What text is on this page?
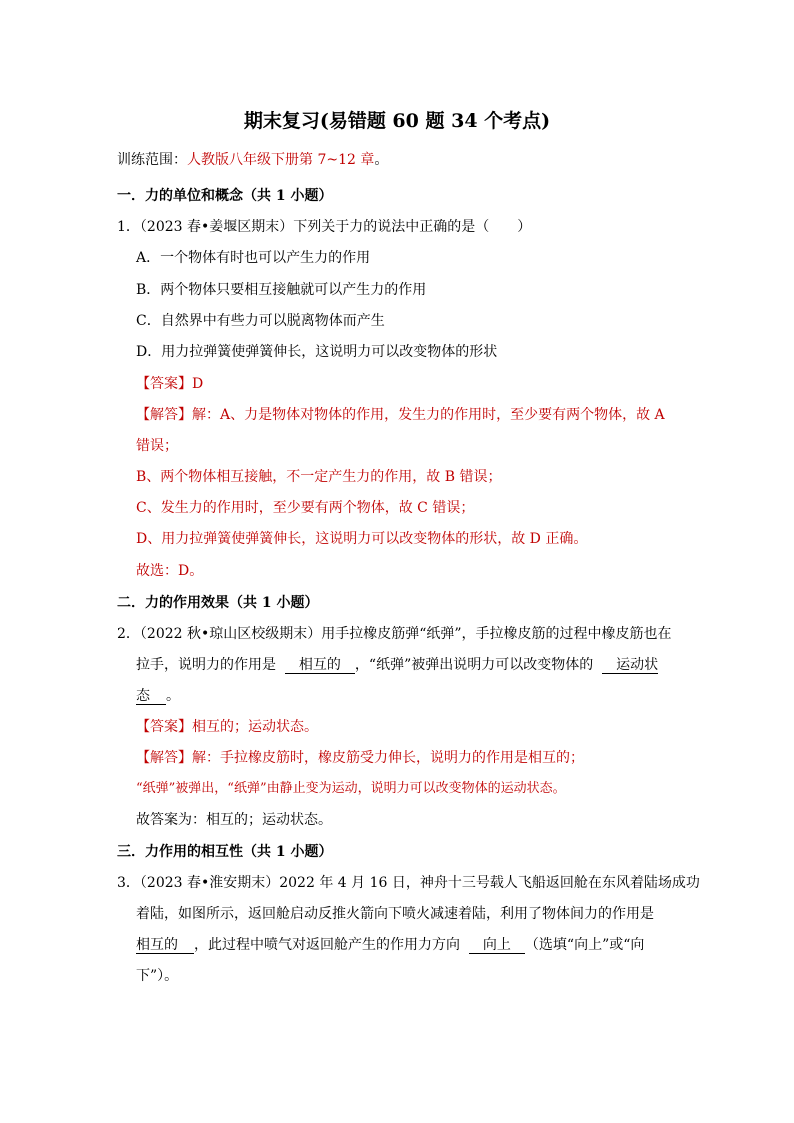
期末复习(易错题 60 题 34 个考点)
训练范围：人教版八年级下册第 7~12 章。
一．力的单位和概念（共 1 小题）
1．（2023 春•姜堰区期末）下列关于力的说法中正确的是（　　）
A．一个物体有时也可以产生力的作用
B．两个物体只要相互接触就可以产生力的作用
C．自然界中有些力可以脱离物体而产生
D．用力拉弹簧使弹簧伸长，这说明力可以改变物体的形状
【答案】D
【解答】解：A、力是物体对物体的作用，发生力的作用时，至少要有两个物体，故 A
错误；
B、两个物体相互接触，不一定产生力的作用，故 B 错误；
C、发生力的作用时，至少要有两个物体，故 C 错误；
D、用力拉弹簧使弹簧伸长，这说明力可以改变物体的形状，故 D 正确。
故选：D。
二．力的作用效果（共 1 小题）
2．（2022 秋•琼山区校级期末）用手拉橡皮筋弹“纸弹”，手拉橡皮筋的过程中橡皮筋也在
拉手，说明力的作用是 相互的 ，“纸弹”被弹出说明力可以改变物体的 运动状
态 。
【答案】相互的；运动状态。
【解答】解：手拉橡皮筋时，橡皮筋受力伸长，说明力的作用是相互的；
“纸弹”被弹出，“纸弹”由静止变为运动，说明力可以改变物体的运动状态。
故答案为：相互的；运动状态。
三．力作用的相互性（共 1 小题）
3．（2023 春•淮安期末）2022 年 4 月 16 日，神舟十三号载人飞船返回舱在东风着陆场成功
着陆，如图所示，返回舱启动反推火箭向下喷火减速着陆，利用了物体间力的作用是
相互的 ，此过程中喷气对返回舱产生的作用力方向 向上 （选填“向上”或“向
下”）。
